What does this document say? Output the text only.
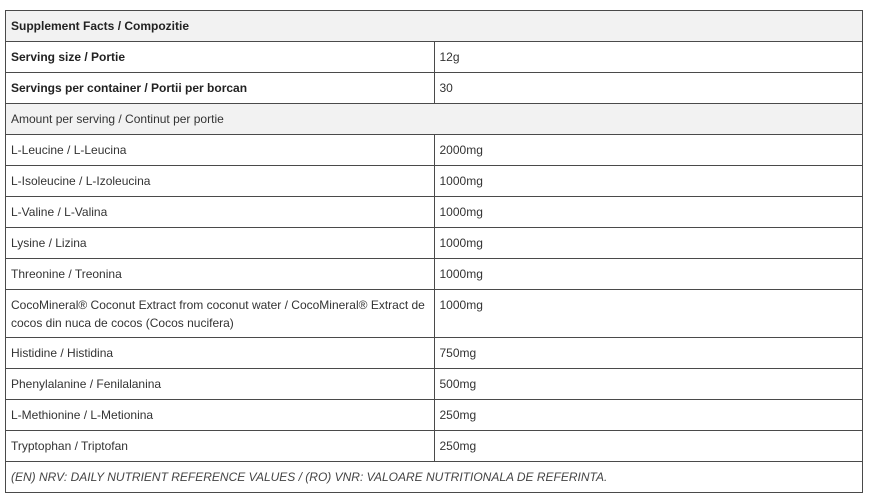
Supplement Facts / Compozitie	
Serving size / Portie	12g
Servings per container / Portii per borcan	30
Amount per serving / Continut per portie	
L-Leucine / L-Leucina	2000mg
L-Isoleucine / L-Izoleucina	1000mg
L-Valine / L-Valina	1000mg
Lysine / Lizina	1000mg
Threonine / Treonina	1000mg
CocoMineral® Coconut Extract from coconut water / CocoMineral® Extract de cocos din nuca de cocos (Cocos nucifera)	1000mg
Histidine / Histidina	750mg
Phenylalanine / Fenilalanina	500mg
L-Methionine / L-Metionina	250mg
Tryptophan / Triptofan	250mg
(EN) NRV: DAILY NUTRIENT REFERENCE VALUES / (RO) VNR: VALOARE NUTRITIONALA DE REFERINTA.	
